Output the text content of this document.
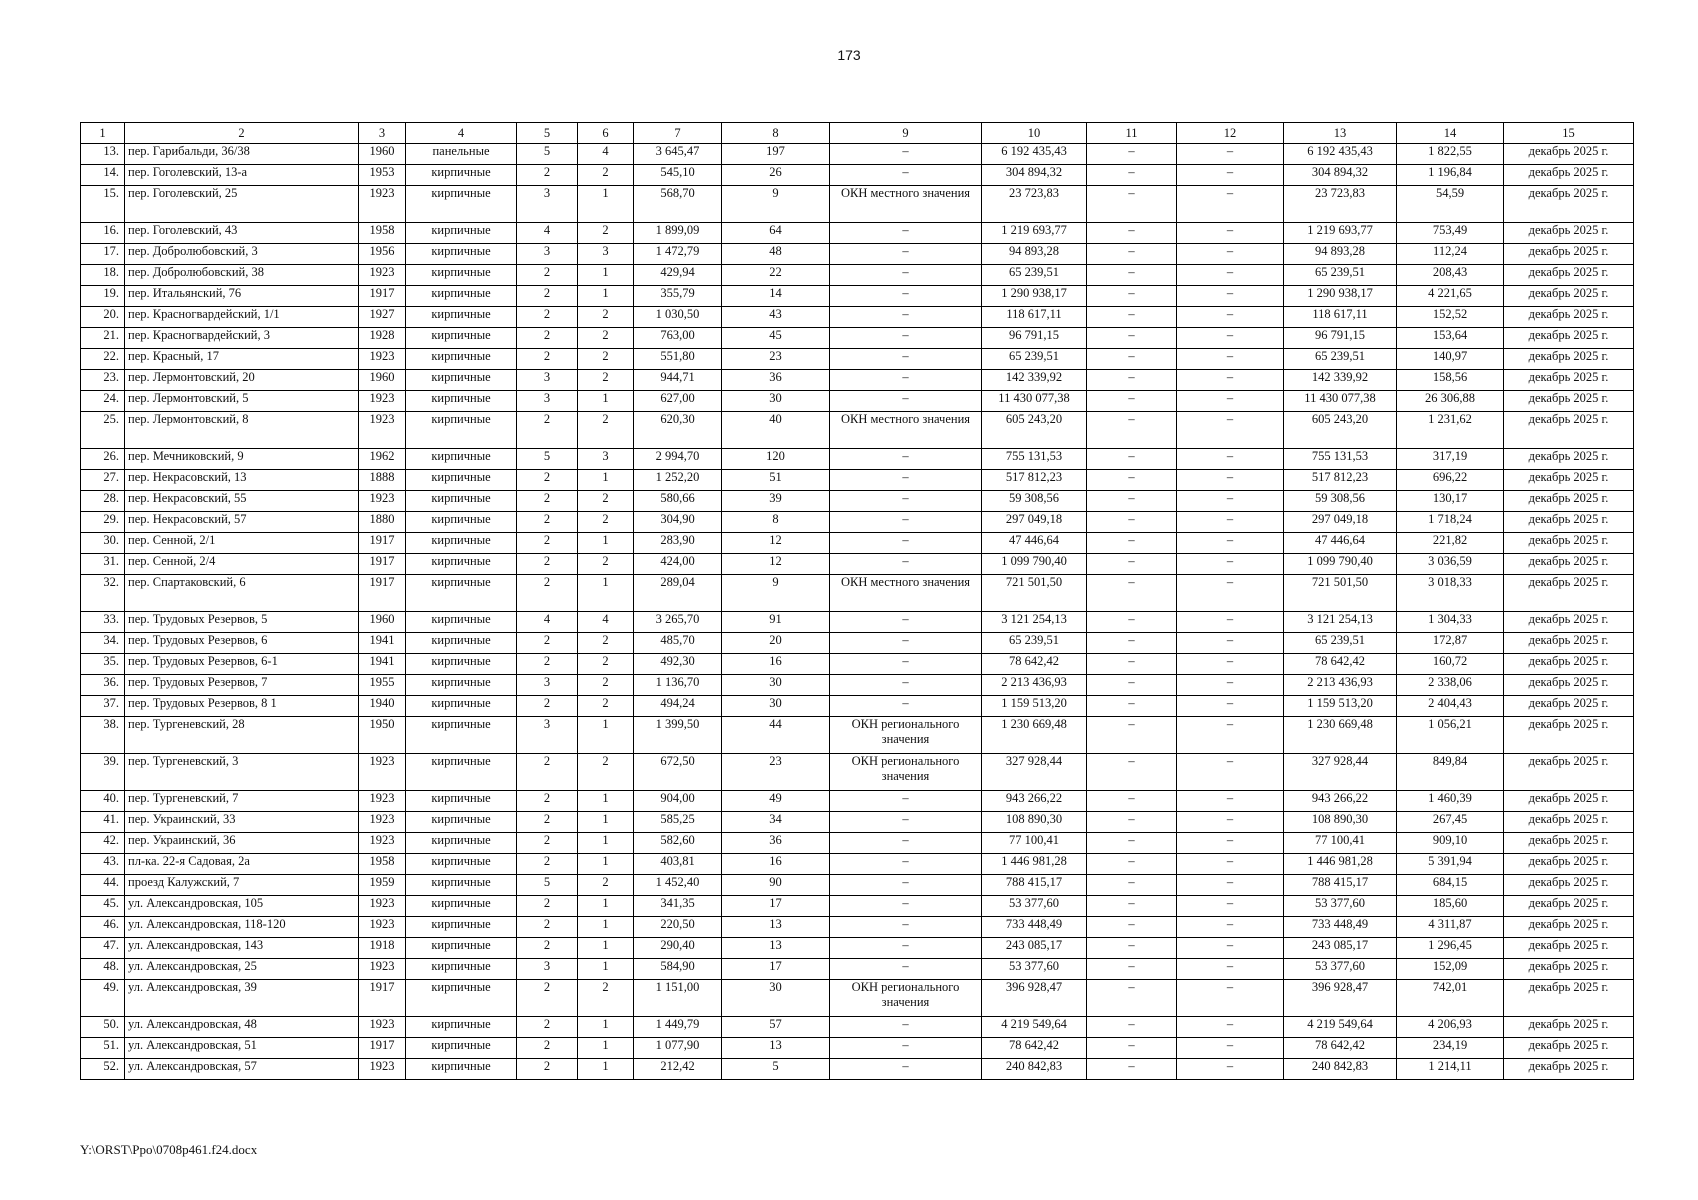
173
1	2	3	4	5	6	7	8	9	10	11	12	13	14	15
13.	пер. Гарибальди, 36/38	1960	панельные	5	4	3 645,47	197	–	6 192 435,43	–	–	6 192 435,43	1 822,55	декабрь 2025 г.
14.	пер. Гоголевский, 13-а	1953	кирпичные	2	2	545,10	26	–	304 894,32	–	–	304 894,32	1 196,84	декабрь 2025 г.
15.	пер. Гоголевский, 25	1923	кирпичные	3	1	568,70	9	ОКН местного значения	23 723,83	–	–	23 723,83	54,59	декабрь 2025 г.
16.	пер. Гоголевский, 43	1958	кирпичные	4	2	1 899,09	64	–	1 219 693,77	–	–	1 219 693,77	753,49	декабрь 2025 г.
17.	пер. Добролюбовский, 3	1956	кирпичные	3	3	1 472,79	48	–	94 893,28	–	–	94 893,28	112,24	декабрь 2025 г.
18.	пер. Добролюбовский, 38	1923	кирпичные	2	1	429,94	22	–	65 239,51	–	–	65 239,51	208,43	декабрь 2025 г.
19.	пер. Итальянский, 76	1917	кирпичные	2	1	355,79	14	–	1 290 938,17	–	–	1 290 938,17	4 221,65	декабрь 2025 г.
20.	пер. Красногвардейский, 1/1	1927	кирпичные	2	2	1 030,50	43	–	118 617,11	–	–	118 617,11	152,52	декабрь 2025 г.
21.	пер. Красногвардейский, 3	1928	кирпичные	2	2	763,00	45	–	96 791,15	–	–	96 791,15	153,64	декабрь 2025 г.
22.	пер. Красный, 17	1923	кирпичные	2	2	551,80	23	–	65 239,51	–	–	65 239,51	140,97	декабрь 2025 г.
23.	пер. Лермонтовский, 20	1960	кирпичные	3	2	944,71	36	–	142 339,92	–	–	142 339,92	158,56	декабрь 2025 г.
24.	пер. Лермонтовский, 5	1923	кирпичные	3	1	627,00	30	–	11 430 077,38	–	–	11 430 077,38	26 306,88	декабрь 2025 г.
25.	пер. Лермонтовский, 8	1923	кирпичные	2	2	620,30	40	ОКН местного значения	605 243,20	–	–	605 243,20	1 231,62	декабрь 2025 г.
26.	пер. Мечниковский, 9	1962	кирпичные	5	3	2 994,70	120	–	755 131,53	–	–	755 131,53	317,19	декабрь 2025 г.
27.	пер. Некрасовский, 13	1888	кирпичные	2	1	1 252,20	51	–	517 812,23	–	–	517 812,23	696,22	декабрь 2025 г.
28.	пер. Некрасовский, 55	1923	кирпичные	2	2	580,66	39	–	59 308,56	–	–	59 308,56	130,17	декабрь 2025 г.
29.	пер. Некрасовский, 57	1880	кирпичные	2	2	304,90	8	–	297 049,18	–	–	297 049,18	1 718,24	декабрь 2025 г.
30.	пер. Сенной, 2/1	1917	кирпичные	2	1	283,90	12	–	47 446,64	–	–	47 446,64	221,82	декабрь 2025 г.
31.	пер. Сенной, 2/4	1917	кирпичные	2	2	424,00	12	–	1 099 790,40	–	–	1 099 790,40	3 036,59	декабрь 2025 г.
32.	пер. Спартаковский, 6	1917	кирпичные	2	1	289,04	9	ОКН местного значения	721 501,50	–	–	721 501,50	3 018,33	декабрь 2025 г.
33.	пер. Трудовых Резервов, 5	1960	кирпичные	4	4	3 265,70	91	–	3 121 254,13	–	–	3 121 254,13	1 304,33	декабрь 2025 г.
34.	пер. Трудовых Резервов, 6	1941	кирпичные	2	2	485,70	20	–	65 239,51	–	–	65 239,51	172,87	декабрь 2025 г.
35.	пер. Трудовых Резервов, 6-1	1941	кирпичные	2	2	492,30	16	–	78 642,42	–	–	78 642,42	160,72	декабрь 2025 г.
36.	пер. Трудовых Резервов, 7	1955	кирпичные	3	2	1 136,70	30	–	2 213 436,93	–	–	2 213 436,93	2 338,06	декабрь 2025 г.
37.	пер. Трудовых Резервов, 8 1	1940	кирпичные	2	2	494,24	30	–	1 159 513,20	–	–	1 159 513,20	2 404,43	декабрь 2025 г.
38.	пер. Тургеневский, 28	1950	кирпичные	3	1	1 399,50	44	ОКН регионального значения	1 230 669,48	–	–	1 230 669,48	1 056,21	декабрь 2025 г.
39.	пер. Тургеневский, 3	1923	кирпичные	2	2	672,50	23	ОКН регионального значения	327 928,44	–	–	327 928,44	849,84	декабрь 2025 г.
40.	пер. Тургеневский, 7	1923	кирпичные	2	1	904,00	49	–	943 266,22	–	–	943 266,22	1 460,39	декабрь 2025 г.
41.	пер. Украинский, 33	1923	кирпичные	2	1	585,25	34	–	108 890,30	–	–	108 890,30	267,45	декабрь 2025 г.
42.	пер. Украинский, 36	1923	кирпичные	2	1	582,60	36	–	77 100,41	–	–	77 100,41	909,10	декабрь 2025 г.
43.	пл-ка. 22-я Садовая, 2а	1958	кирпичные	2	1	403,81	16	–	1 446 981,28	–	–	1 446 981,28	5 391,94	декабрь 2025 г.
44.	проезд Калужский, 7	1959	кирпичные	5	2	1 452,40	90	–	788 415,17	–	–	788 415,17	684,15	декабрь 2025 г.
45.	ул. Александровская, 105	1923	кирпичные	2	1	341,35	17	–	53 377,60	–	–	53 377,60	185,60	декабрь 2025 г.
46.	ул. Александровская, 118-120	1923	кирпичные	2	1	220,50	13	–	733 448,49	–	–	733 448,49	4 311,87	декабрь 2025 г.
47.	ул. Александровская, 143	1918	кирпичные	2	1	290,40	13	–	243 085,17	–	–	243 085,17	1 296,45	декабрь 2025 г.
48.	ул. Александровская, 25	1923	кирпичные	3	1	584,90	17	–	53 377,60	–	–	53 377,60	152,09	декабрь 2025 г.
49.	ул. Александровская, 39	1917	кирпичные	2	2	1 151,00	30	ОКН регионального значения	396 928,47	–	–	396 928,47	742,01	декабрь 2025 г.
50.	ул. Александровская, 48	1923	кирпичные	2	1	1 449,79	57	–	4 219 549,64	–	–	4 219 549,64	4 206,93	декабрь 2025 г.
51.	ул. Александровская, 51	1917	кирпичные	2	1	1 077,90	13	–	78 642,42	–	–	78 642,42	234,19	декабрь 2025 г.
52.	ул. Александровская, 57	1923	кирпичные	2	1	212,42	5	–	240 842,83	–	–	240 842,83	1 214,11	декабрь 2025 г.
Y:\ORST\Ppo\0708p461.f24.docx
